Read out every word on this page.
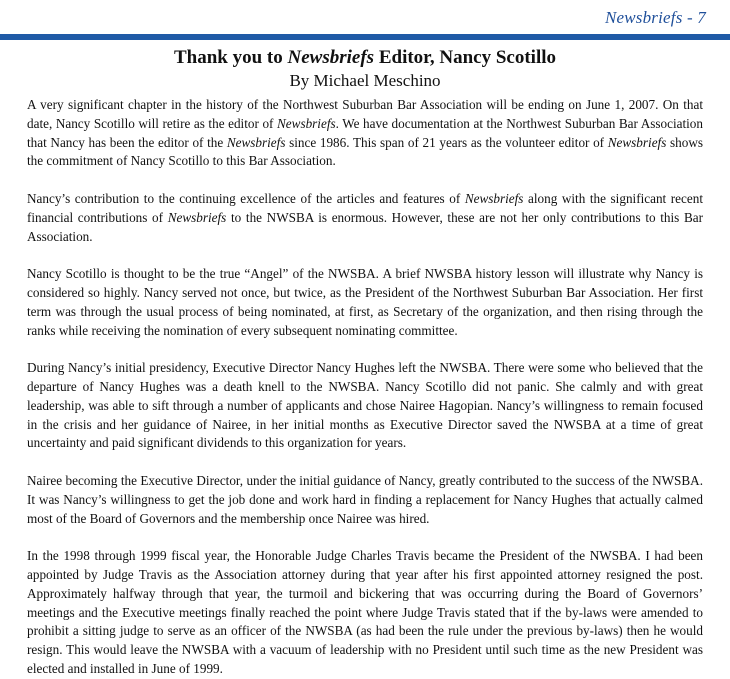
Newsbriefs - 7
Thank you to Newsbriefs Editor, Nancy Scotillo
By Michael Meschino

A very significant chapter in the history of the Northwest Suburban Bar Association will be ending on June 1, 2007. On that date, Nancy Scotillo will retire as the editor of Newsbriefs. We have documentation at the Northwest Suburban Bar Association that Nancy has been the editor of the Newsbriefs since 1986. This span of 21 years as the volunteer editor of Newsbriefs shows the commitment of Nancy Scotillo to this Bar Association.

Nancy’s contribution to the continuing excellence of the articles and features of Newsbriefs along with the significant recent financial contributions of Newsbriefs to the NWSBA is enormous. However, these are not her only contributions to this Bar Association.

Nancy Scotillo is thought to be the true “Angel” of the NWSBA. A brief NWSBA history lesson will illustrate why Nancy is considered so highly. Nancy served not once, but twice, as the President of the Northwest Suburban Bar Association. Her first term was through the usual process of being nominated, at first, as Secretary of the organization, and then rising through the ranks while receiving the nomination of every subsequent nominating committee.

During Nancy’s initial presidency, Executive Director Nancy Hughes left the NWSBA. There were some who believed that the departure of Nancy Hughes was a death knell to the NWSBA. Nancy Scotillo did not panic. She calmly and with great leadership, was able to sift through a number of applicants and chose Nairee Hagopian. Nancy’s willingness to remain focused in the crisis and her guidance of Nairee, in her initial months as Executive Director saved the NWSBA at a time of great uncertainty and paid significant dividends to this organization for years.

Nairee becoming the Executive Director, under the initial guidance of Nancy, greatly contributed to the success of the NWSBA. It was Nancy’s willingness to get the job done and work hard in finding a replacement for Nancy Hughes that actually calmed most of the Board of Governors and the membership once Nairee was hired.

In the 1998 through 1999 fiscal year, the Honorable Judge Charles Travis became the President of the NWSBA. I had been appointed by Judge Travis as the Association attorney during that year after his first appointed attorney resigned the post. Approximately halfway through that year, the turmoil and bickering that was occurring during the Board of Governors’ meetings and the Executive meetings finally reached the point where Judge Travis stated that if the by-laws were amended to prohibit a sitting judge to serve as an officer of the NWSBA (as had been the rule under the previous by-laws) then he would resign. This would leave the NWSBA with a vacuum of leadership with no President until such time as the new President was elected and installed in June of 1999.
